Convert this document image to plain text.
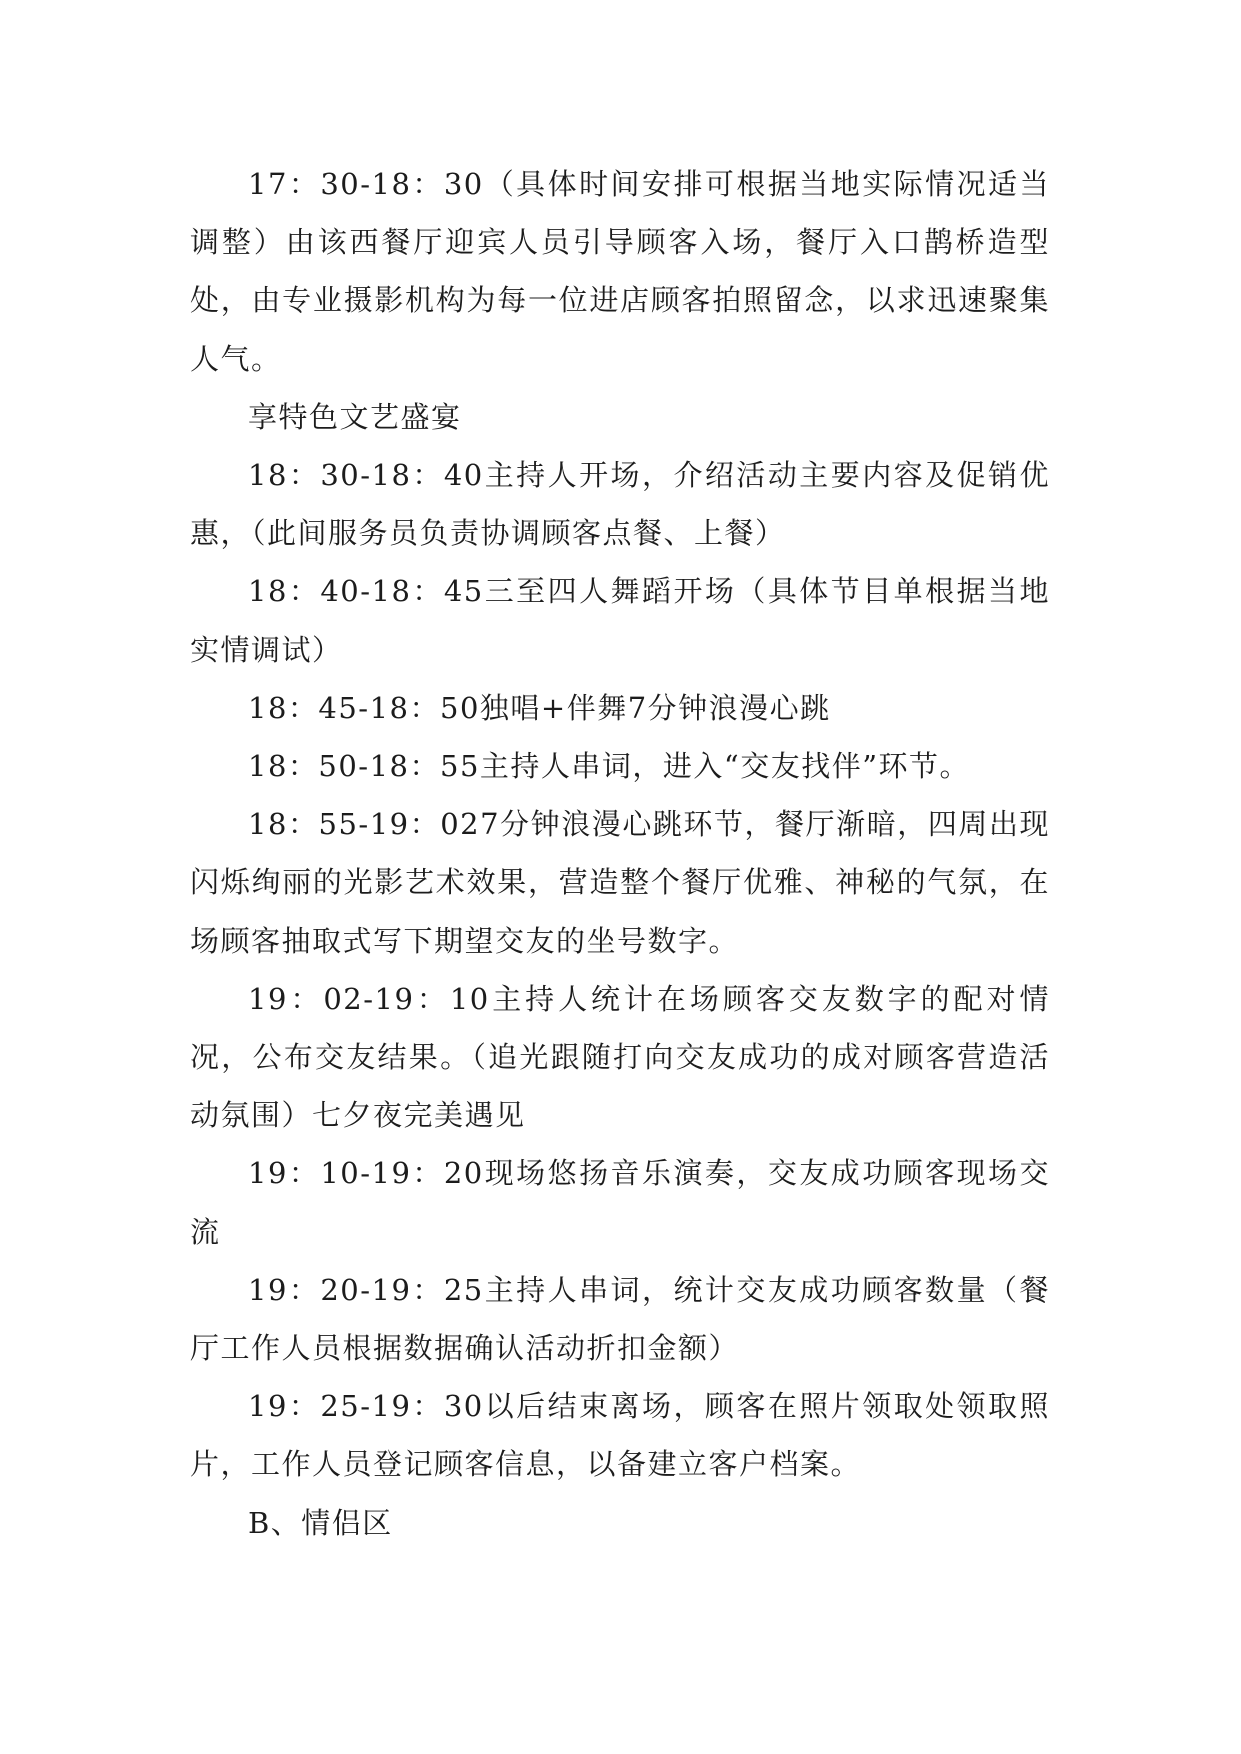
17：30-18：30（具体时间安排可根据当地实际情况适当调整）由该西餐厅迎宾人员引导顾客入场，餐厅入口鹊桥造型处，由专业摄影机构为每一位进店顾客拍照留念，以求迅速聚集人气。

享特色文艺盛宴

18：30-18：40主持人开场，介绍活动主要内容及促销优惠，（此间服务员负责协调顾客点餐、上餐）

18：40-18：45三至四人舞蹈开场（具体节目单根据当地实情调试）

18：45-18：50独唱+伴舞7分钟浪漫心跳

18：50-18：55主持人串词，进入“交友找伴”环节。

18：55-19：027分钟浪漫心跳环节，餐厅渐暗，四周出现闪烁绚丽的光影艺术效果，营造整个餐厅优雅、神秘的气氛，在场顾客抽取式写下期望交友的坐号数字。

19：02-19：10主持人统计在场顾客交友数字的配对情况，公布交友结果。（追光跟随打向交友成功的成对顾客营造活动氛围）七夕夜完美遇见

19：10-19：20现场悠扬音乐演奏，交友成功顾客现场交流

19：20-19：25主持人串词，统计交友成功顾客数量（餐厅工作人员根据数据确认活动折扣金额）

19：25-19：30以后结束离场，顾客在照片领取处领取照片，工作人员登记顾客信息，以备建立客户档案。

B、情侣区
